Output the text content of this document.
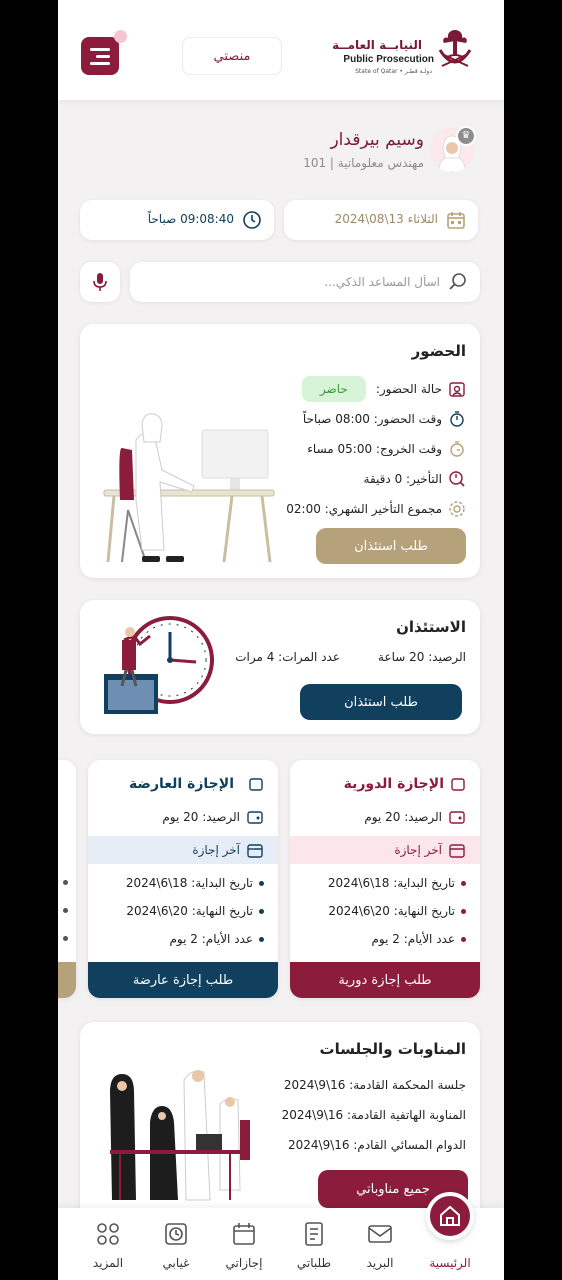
منصتي
النيابــة العامــة
Public Prosecution
State of Qatar • دولـة قطـر
♛
وسيم بيرقدار
مهندس معلوماتية | 101
الثلاثاء 13\08\2024
09:08:40 صباحاً
اسأل المساعد الذكي...
الحضور
حالة الحضور:
حاضر
وقت الحضور: 08:00 صباحاً
وقت الخروج: 05:00 مساء
التأخير: 0 دقيقة
مجموع التأخير الشهري: 02:00
طلب استئذان
الاستئذان
الرصيد: 20 ساعة
عدد المرات: 4 مرات
طلب استئذان
الإجازة الدورية
الرصيد: 20 يوم
آخر إجازة
تاريخ البداية: 18\6\2024
تاريخ النهاية: 20\6\2024
عدد الأيام: 2 يوم
طلب إجازة دورية
الإجازة العارضة
الرصيد: 20 يوم
آخر إجازة
تاريخ البداية: 18\6\2024
تاريخ النهاية: 20\6\2024
عدد الأيام: 2 يوم
طلب إجازة عارضة
المناوبات والجلسات
جلسة المحكمة القادمة: 16\9\2024
المناوبة الهاتفية القادمة: 16\9\2024
الدوام المسائي القادم: 16\9\2024
جميع مناوباتي
الرئيسية
البريد
طلباتي
إجازاتي
غيابي
المزيد
